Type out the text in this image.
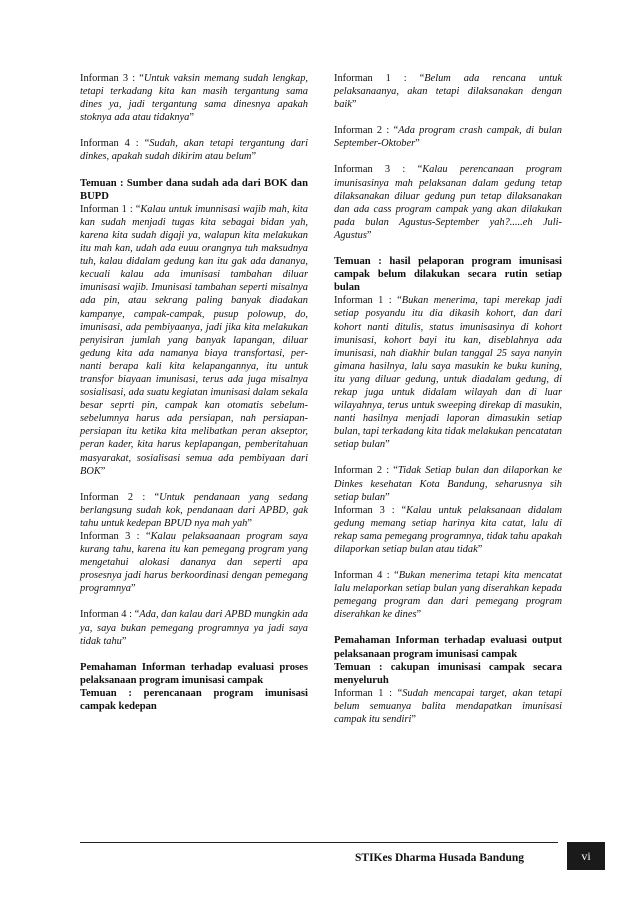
Informan 3 : “Untuk vaksin memang sudah lengkap, tetapi terkadang kita kan masih tergantung sama dines ya, jadi tergantung sama dinesnya apakah stoknya ada atau tidaknya”

Informan 4 : “Sudah, akan tetapi tergantung dari dinkes, apakah sudah dikirim atau belum”

Temuan : Sumber dana sudah ada dari BOK dan BUPD

Informan 1 : “Kalau untuk imunnisasi wajib mah, kita kan sudah menjadi tugas kita sebagai bidan yah, karena kita sudah digaji ya, walapun kita melakukan itu mah kan, udah ada euuu orangnya tuh maksudnya tuh, kalau didalam gedung kan itu gak ada dananya, kecuali kalau ada imunisasi tambahan diluar imunisasi wajib. Imunisasi tambahan seperti misalnya ada pin, atau sekrang paling banyak diadakan kampanye, campak-campak, pusup polowup, do, imunisasi, ada pembiyaanya, jadi jika kita melakukan penyisiran jumlah yang banyak lapangan, diluar gedung kita ada namanya biaya transfortasi, per-nanti berapa kali kita kelapangannya, itu untuk transfor biayaan imunisasi, terus ada juga misalnya sosialisasi, ada suatu kegiatan imunisasi dalam sekala besar seprti pin, campak kan otomatis sebelum-sebelumnya harus ada persiapan, nah persiapan-persiapan itu ketika kita melibatkan peran akseptor, peran kader, kita harus keplapangan, pemberitahuan masyarakat, sosialisasi semua ada pembiyaan dari BOK”

Informan 2 : “Untuk pendanaan yang sedang berlangsung sudah kok, pendanaan dari APBD, gak tahu untuk kedepan BPUD nya mah yah”

Informan 3 : “Kalau pelaksaanaan program saya kurang tahu, karena itu kan pemegang program yang mengetahui alokasi dananya dan seperti apa prosesnya jadi harus berkoordinasi dengan pemegang programnya”

Informan 4 : “Ada, dan kalau dari APBD mungkin ada ya, saya bukan pemegang programnya ya jadi saya tidak tahu”

Pemahaman Informan terhadap evaluasi proses pelaksanaan program imunisasi campak

Temuan : perencanaan program imunisasi campak kedepan

Informan 1 : “Belum ada rencana untuk pelaksanaanya, akan tetapi dilaksanakan dengan baik”

Informan 2 : “Ada program crash campak, di bulan September-Oktober”

Informan 3 : “Kalau perencanaan program imunisasinya mah pelaksanan dalam gedung tetap dilaksanakan diluar gedung pun tetap dilaksanakan dan ada cass program campak yang akan dilakukan pada bulan Agustus-September yah?.....eh Juli-Agustus”

Temuan : hasil pelaporan program imunisasi campak belum dilakukan secara rutin setiap bulan

Informan 1 : “Bukan menerima, tapi merekap jadi setiap posyandu itu dia dikasih kohort, dan dari kohort nanti ditulis, status imunisasinya di kohort imunisasi, kohort bayi itu kan, diseblahnya ada imunisasi, nah diakhir bulan tanggal 25 saya nanyin gimana hasilnya, lalu saya masukin ke buku kuning, itu yang diluar gedung, untuk diadalam gedung, di rekap juga untuk didalam wilayah dan di luar wilayahnya, terus untuk sweeping direkap di masukin, nanti hasilnya menjadi laporan dimasukin setiap bulan, tapi terkadang kita tidak melakukan pencatatan setiap bulan”

Informan 2 : “Tidak Setiap bulan dan dilaporkan ke Dinkes kesehatan Kota Bandung, seharusnya sih setiap bulan”

Informan 3 : “Kalau untuk pelaksanaan didalam gedung memang setiap harinya kita catat, lalu di rekap sama pemegang programnya, tidak tahu apakah dilaporkan setiap bulan atau tidak”

Informan 4 : “Bukan menerima tetapi kita mencatat lalu melaporkan setiap bulan yang diserahkan kepada pemegang program dan dari pemegang program diserahkan ke dines”

Pemahaman Informan terhadap evaluasi output pelaksanaan program imunisasi campak

Temuan : cakupan imunisasi campak secara menyeluruh

Informan 1 : “Sudah mencapai target, akan tetapi belum semuanya balita mendapatkan imunisasi campak itu sendiri”

STIKes Dharma Husada Bandung	vi
